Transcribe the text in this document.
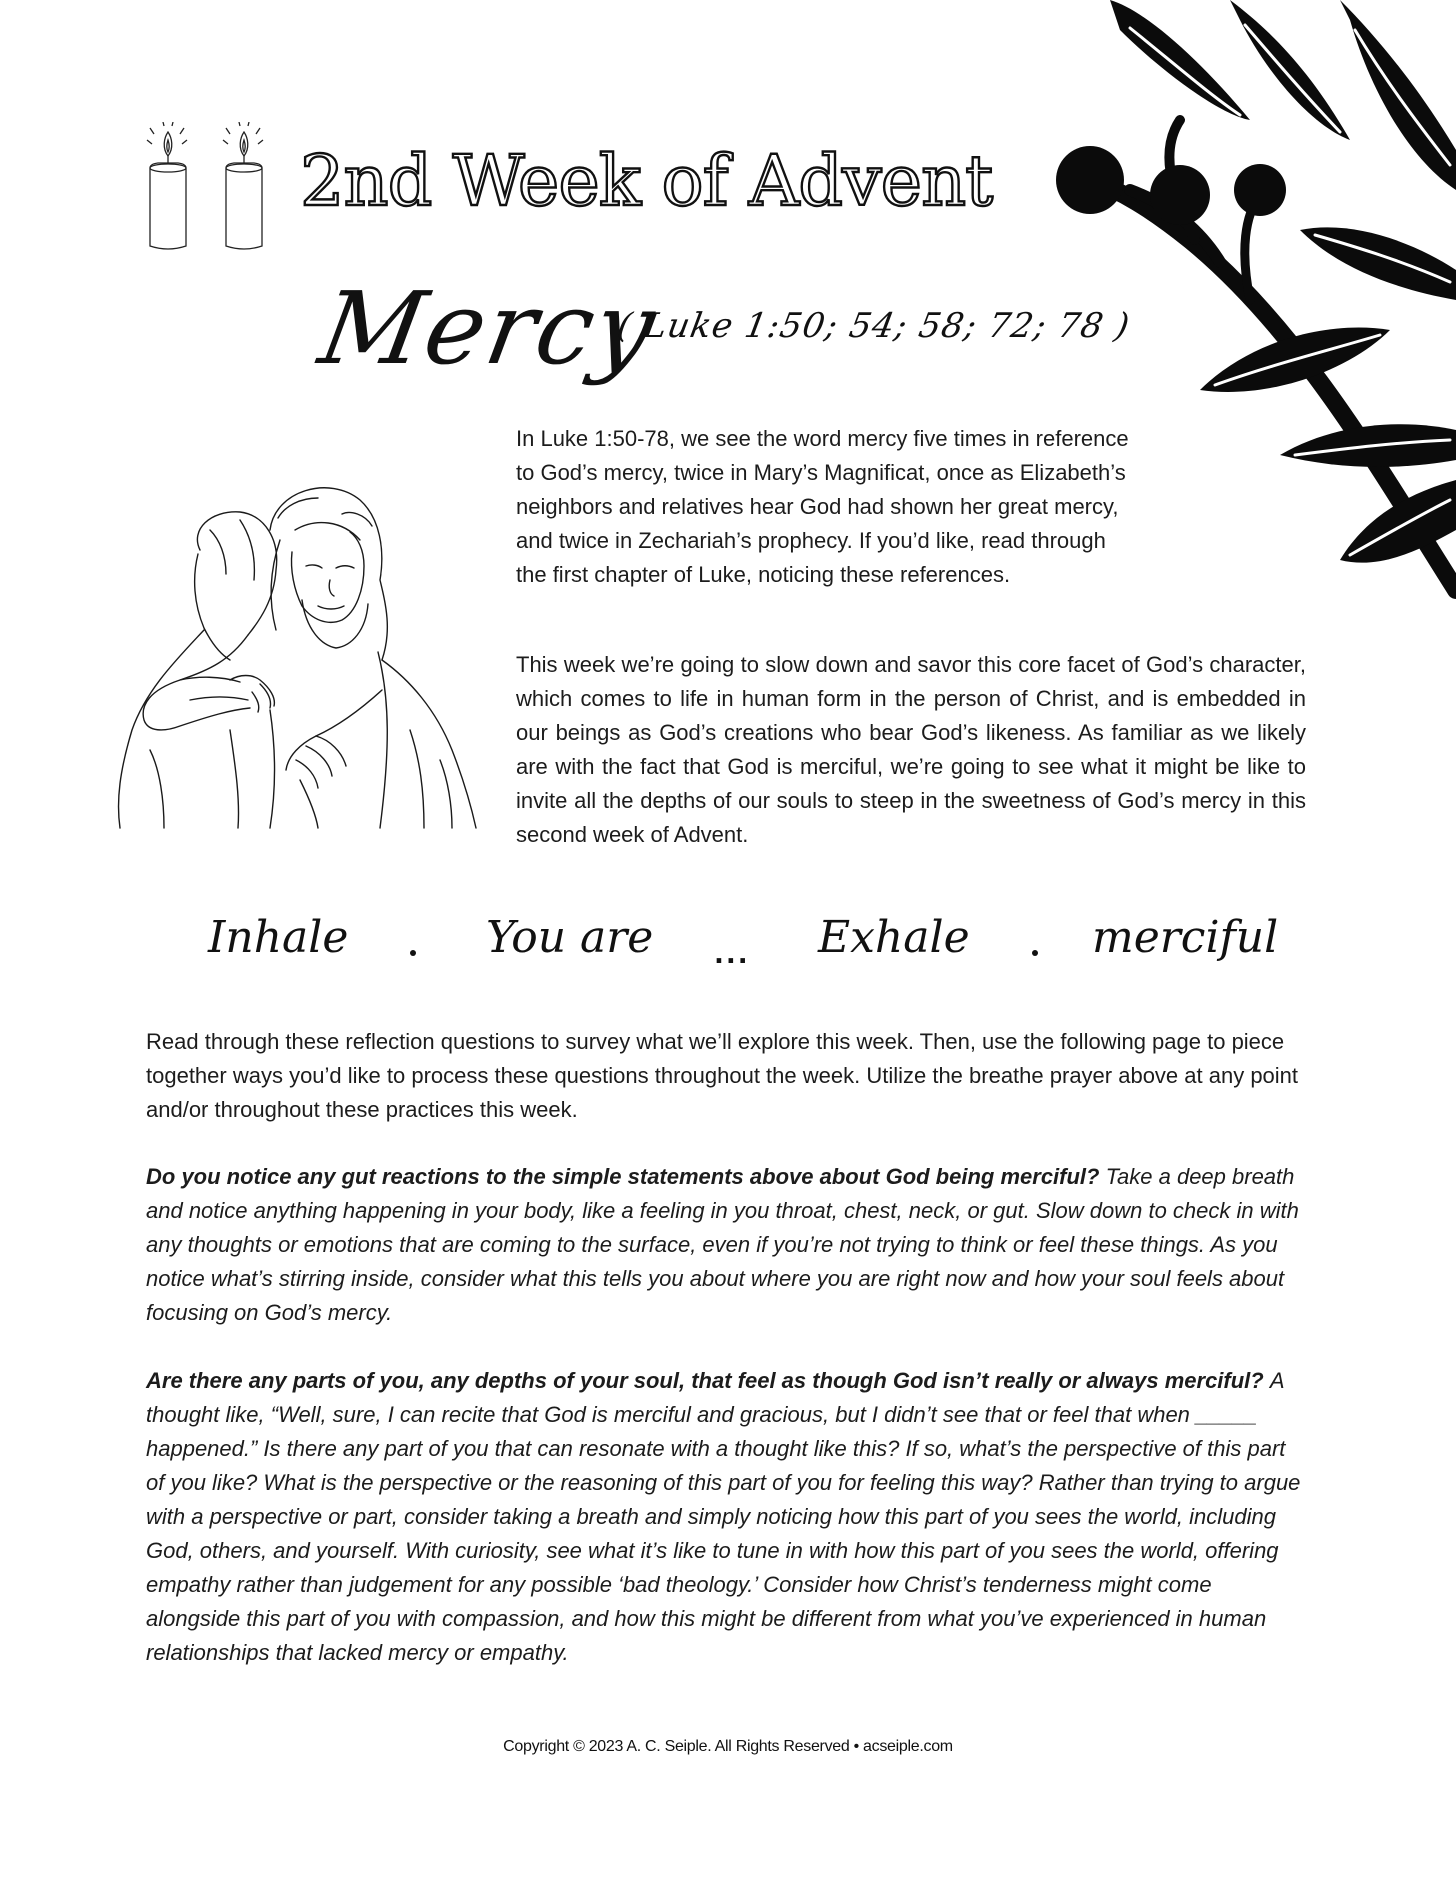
2nd Week of Advent
Mercy
( Luke 1:50; 54; 58; 72; 78 )

In Luke 1:50-78, we see the word mercy five times in reference to God’s mercy, twice in Mary’s Magnificat, once as Elizabeth’s neighbors and relatives hear God had shown her great mercy, and twice in Zechariah’s prophecy. If you’d like, read through the first chapter of Luke, noticing these references.

This week we’re going to slow down and savor this core facet of God’s character, which comes to life in human form in the person of Christ, and is embedded in our beings as God’s creations who bear God’s likeness. As familiar as we likely are with the fact that God is merciful, we’re going to see what it might be like to invite all the depths of our souls to steep in the sweetness of God’s mercy in this second week of Advent.

Inhale	You are ... Exhale	merciful

Read through these reflection questions to survey what we’ll explore this week. Then, use the following page to piece together ways you’d like to process these questions throughout the week. Utilize the breathe prayer above at any point and/or throughout these practices this week.

Do you notice any gut reactions to the simple statements above about God being merciful? Take a deep breath and notice anything happening in your body, like a feeling in you throat, chest, neck, or gut. Slow down to check in with any thoughts or emotions that are coming to the surface, even if you’re not trying to think or feel these things. As you notice what’s stirring inside, consider what this tells you about where you are right now and how your soul feels about focusing on God’s mercy.

Are there any parts of you, any depths of your soul, that feel as though God isn’t really or always merciful? A thought like, “Well, sure, I can recite that God is merciful and gracious, but I didn’t see that or feel that when _____ happened.” Is there any part of you that can resonate with a thought like this? If so, what’s the perspective of this part of you like? What is the perspective or the reasoning of this part of you for feeling this way? Rather than trying to argue with a perspective or part, consider taking a breath and simply noticing how this part of you sees the world, including God, others, and yourself. With curiosity, see what it’s like to tune in with how this part of you sees the world, offering empathy rather than judgement for any possible ‘bad theology.’ Consider how Christ’s tenderness might come alongside this part of you with compassion, and how this might be different from what you’ve experienced in human relationships that lacked mercy or empathy.

Copyright © 2023 A. C. Seiple. All Rights Reserved • acseiple.com
